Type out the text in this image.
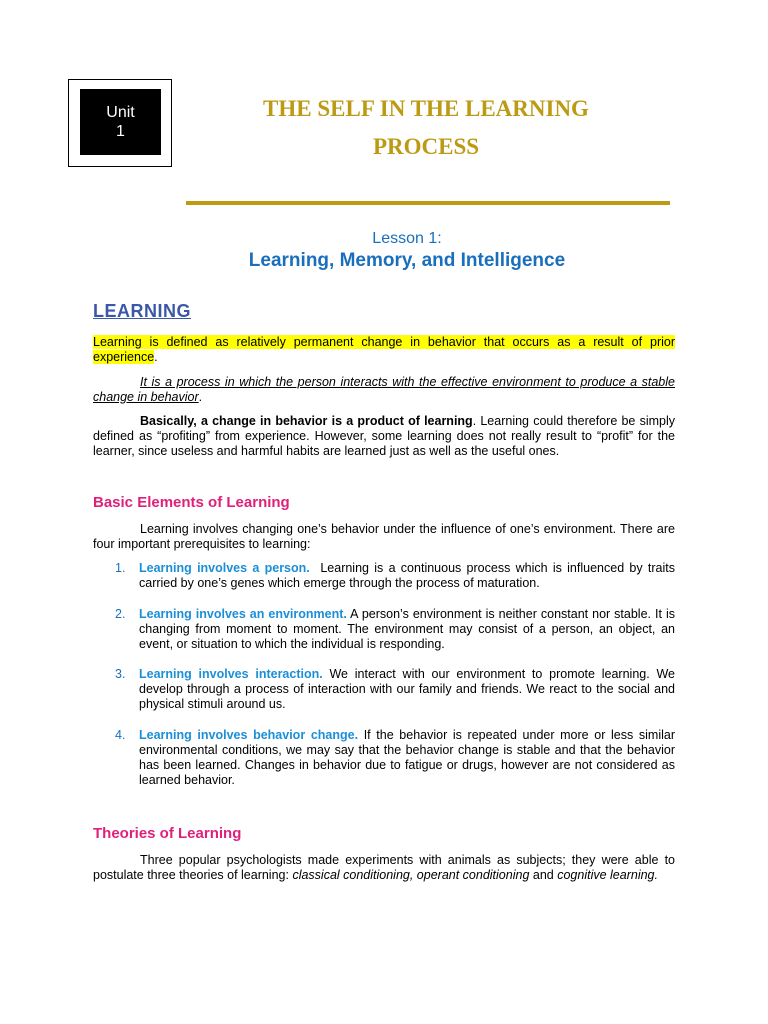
Unit
1
THE SELF IN THE LEARNING
PROCESS
Lesson 1:
Learning, Memory, and Intelligence
LEARNING

Learning is defined as relatively permanent change in behavior that occurs as a result of prior experience.

It is a process in which the person interacts with the effective environment to produce a stable change in behavior.

Basically, a change in behavior is a product of learning. Learning could therefore be simply defined as “profiting” from experience. However, some learning does not really result to “profit” for the learner, since useless and harmful habits are learned just as well as the useful ones.

Basic Elements of Learning

Learning involves changing one’s behavior under the influence of one’s environment. There are four important prerequisites to learning:

1. Learning involves a person.  Learning is a continuous process which is influenced by traits carried by one’s genes which emerge through the process of maturation.
2. Learning involves an environment. A person’s environment is neither constant nor stable. It is changing from moment to moment. The environment may consist of a person, an object, an event, or situation to which the individual is responding.
3. Learning involves interaction. We interact with our environment to promote learning. We develop through a process of interaction with our family and friends. We react to the social and physical stimuli around us.
4. Learning involves behavior change. If the behavior is repeated under more or less similar environmental conditions, we may say that the behavior change is stable and that the behavior has been learned. Changes in behavior due to fatigue or drugs, however are not considered as learned behavior.
Theories of Learning

Three popular psychologists made experiments with animals as subjects; they were able to postulate three theories of learning: classical conditioning, operant conditioning and cognitive learning.
